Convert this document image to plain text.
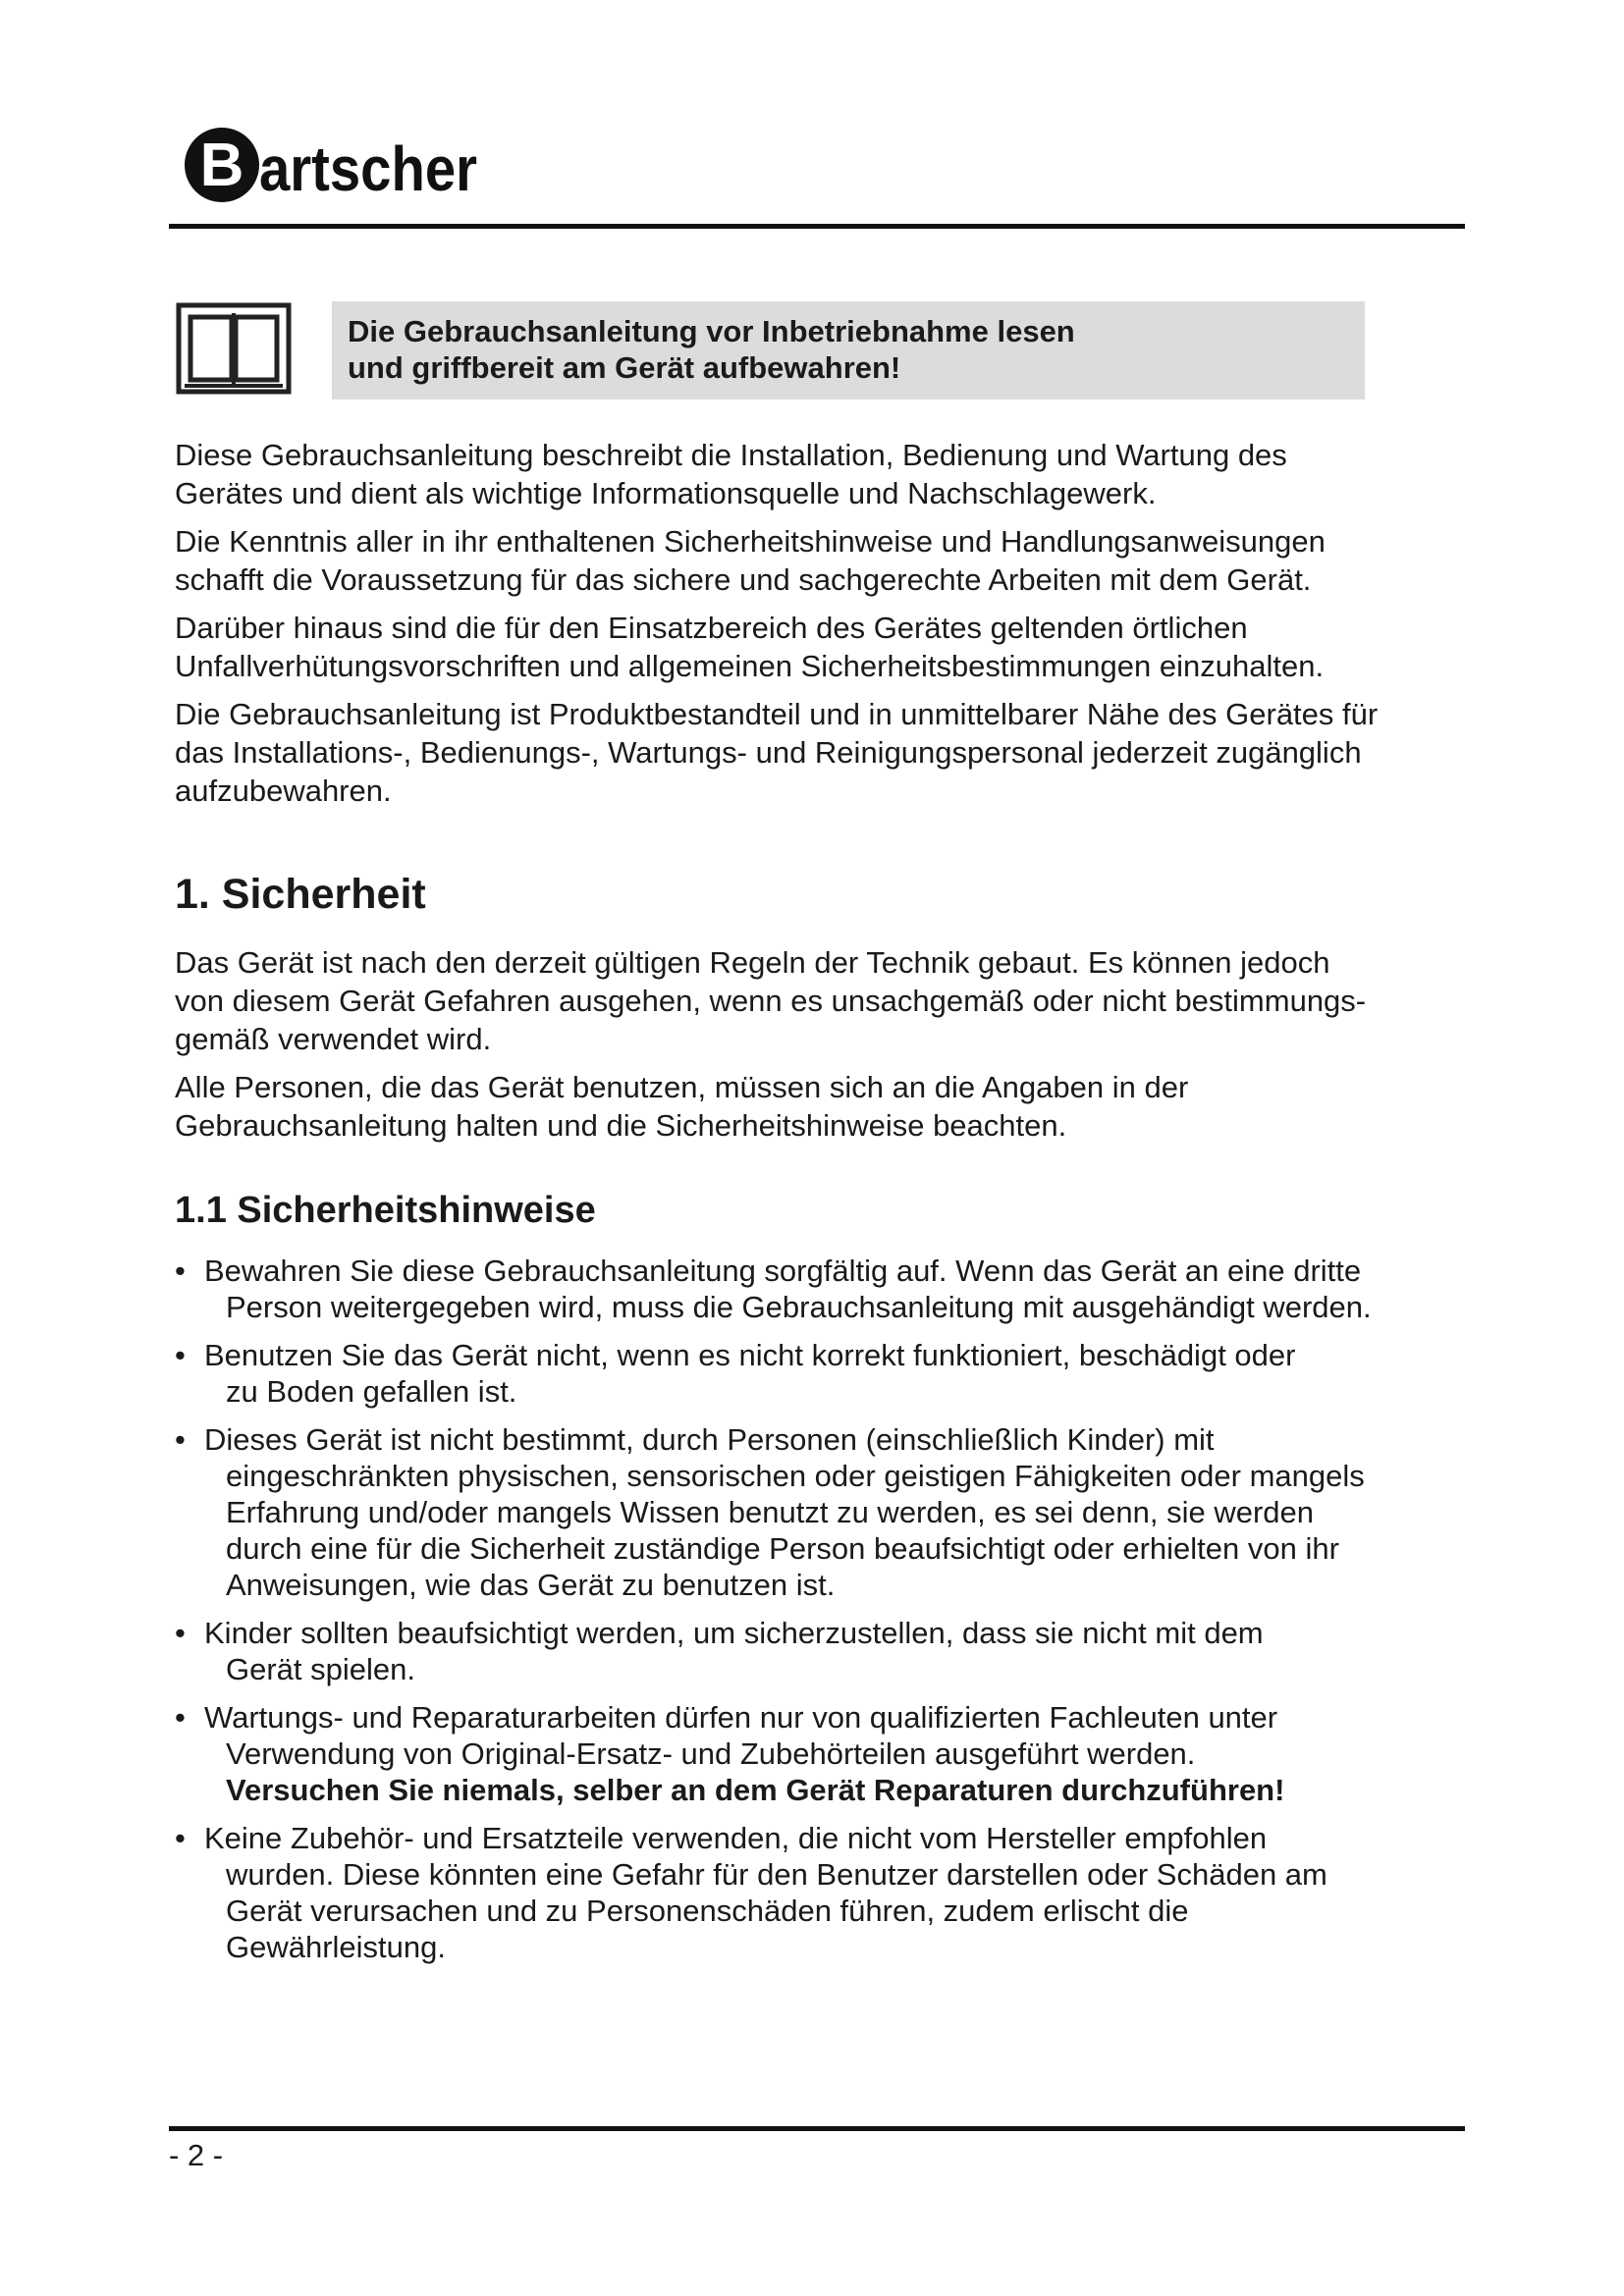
B artscher
Die Gebrauchsanleitung vor Inbetriebnahme lesen
und griffbereit am Gerät aufbewahren!

Diese Gebrauchsanleitung beschreibt die Installation, Bedienung und Wartung des
Gerätes und dient als wichtige Informationsquelle und Nachschlagewerk.

Die Kenntnis aller in ihr enthaltenen Sicherheitshinweise und Handlungsanweisungen
schafft die Voraussetzung für das sichere und sachgerechte Arbeiten mit dem Gerät.

Darüber hinaus sind die für den Einsatzbereich des Gerätes geltenden örtlichen
Unfallverhütungsvorschriften und allgemeinen Sicherheitsbestimmungen einzuhalten.

Die Gebrauchsanleitung ist Produktbestandteil und in unmittelbarer Nähe des Gerätes für
das Installations-, Bedienungs-, Wartungs- und Reinigungspersonal jederzeit zugänglich
aufzubewahren.

1. Sicherheit

Das Gerät ist nach den derzeit gültigen Regeln der Technik gebaut. Es können jedoch
von diesem Gerät Gefahren ausgehen, wenn es unsachgemäß oder nicht bestimmungs-
gemäß verwendet wird.

Alle Personen, die das Gerät benutzen, müssen sich an die Angaben in der
Gebrauchsanleitung halten und die Sicherheitshinweise beachten.

1.1 Sicherheitshinweise
• Bewahren Sie diese Gebrauchsanleitung sorgfältig auf. Wenn das Gerät an eine dritte
Person weitergegeben wird, muss die Gebrauchsanleitung mit ausgehändigt werden.
• Benutzen Sie das Gerät nicht, wenn es nicht korrekt funktioniert, beschädigt oder
zu Boden gefallen ist.
• Dieses Gerät ist nicht bestimmt, durch Personen (einschließlich Kinder) mit
eingeschränkten physischen, sensorischen oder geistigen Fähigkeiten oder mangels
Erfahrung und/oder mangels Wissen benutzt zu werden, es sei denn, sie werden
durch eine für die Sicherheit zuständige Person beaufsichtigt oder erhielten von ihr
Anweisungen, wie das Gerät zu benutzen ist.
• Kinder sollten beaufsichtigt werden, um sicherzustellen, dass sie nicht mit dem
Gerät spielen.
• Wartungs- und Reparaturarbeiten dürfen nur von qualifizierten Fachleuten unter
Verwendung von Original-Ersatz- und Zubehörteilen ausgeführt werden.
Versuchen Sie niemals, selber an dem Gerät Reparaturen durchzuführen!
• Keine Zubehör- und Ersatzteile verwenden, die nicht vom Hersteller empfohlen
wurden. Diese könnten eine Gefahr für den Benutzer darstellen oder Schäden am
Gerät verursachen und zu Personenschäden führen, zudem erlischt die
Gewährleistung.
- 2 -
